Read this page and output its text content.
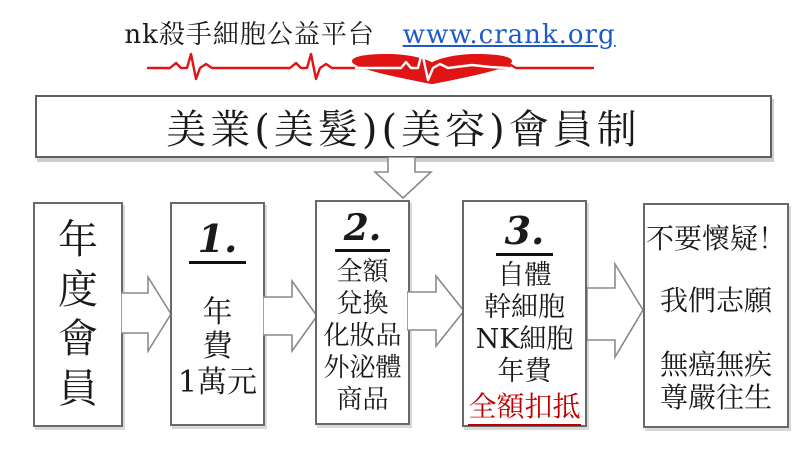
nk殺手細胞公益平台 www.crank.org
美業(美髮)(美容)會員制
年
度
會
員
1.
年
費
1萬元
2.
全額
兌換
化妝品
外泌體
商品
3.
自體
幹細胞
NK細胞
年費
全額扣抵
不要懷疑！
我們志願
無癌無疾
尊嚴往生
